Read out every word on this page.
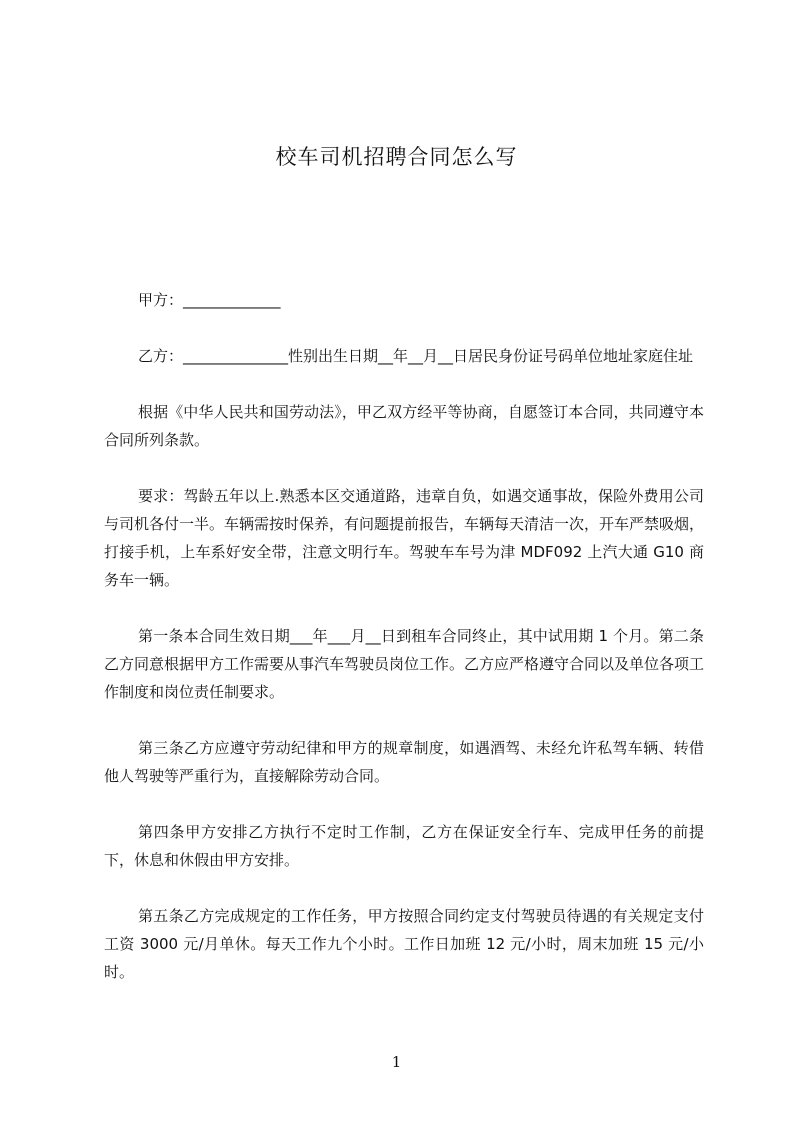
校车司机招聘合同怎么写

甲方：_____________

乙方：______________性别出生日期__年__月__日居民身份证号码单位地址家庭住址

根据《中华人民共和国劳动法》，甲乙双方经平等协商，自愿签订本合同，共同遵守本合同所列条款。

要求：驾龄五年以上.熟悉本区交通道路，违章自负，如遇交通事故，保险外费用公司与司机各付一半。车辆需按时保养，有问题提前报告，车辆每天清洁一次，开车严禁吸烟，打接手机，上车系好安全带，注意文明行车。驾驶车车号为津 MDF092 上汽大通 G10 商务车一辆。

第一条本合同生效日期___年___月__日到租车合同终止，其中试用期 1 个月。第二条乙方同意根据甲方工作需要从事汽车驾驶员岗位工作。乙方应严格遵守合同以及单位各项工作制度和岗位责任制要求。

第三条乙方应遵守劳动纪律和甲方的规章制度，如遇酒驾、未经允许私驾车辆、转借他人驾驶等严重行为，直接解除劳动合同。

第四条甲方安排乙方执行不定时工作制，乙方在保证安全行车、完成甲任务的前提下，休息和休假由甲方安排。

第五条乙方完成规定的工作任务，甲方按照合同约定支付驾驶员待遇的有关规定支付工资 3000 元/月单休。每天工作九个小时。工作日加班 12 元/小时，周末加班 15 元/小时。

1
